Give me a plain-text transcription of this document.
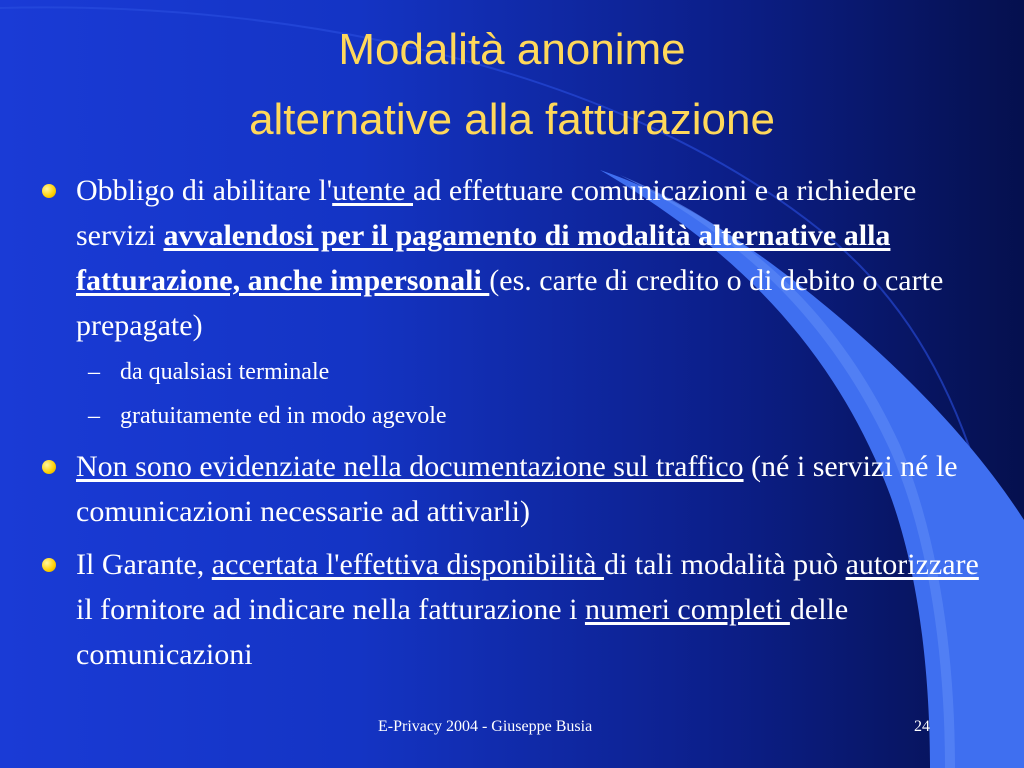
Modalità anonime
alternative alla fatturazione
Obbligo di abilitare l'utente ad effettuare comunicazioni e a richiedere servizi avvalendosi per il pagamento di modalità alternative alla fatturazione, anche impersonali (es. carte di credito o di debito o carte prepagate)
– da qualsiasi terminale
– gratuitamente ed in modo agevole
Non sono evidenziate nella documentazione sul traffico (né i servizi né le comunicazioni necessarie ad attivarli)
Il Garante, accertata l'effettiva disponibilità di tali modalità può autorizzare il fornitore ad indicare nella fatturazione i numeri completi delle comunicazioni
E-Privacy 2004 - Giuseppe Busia	24
